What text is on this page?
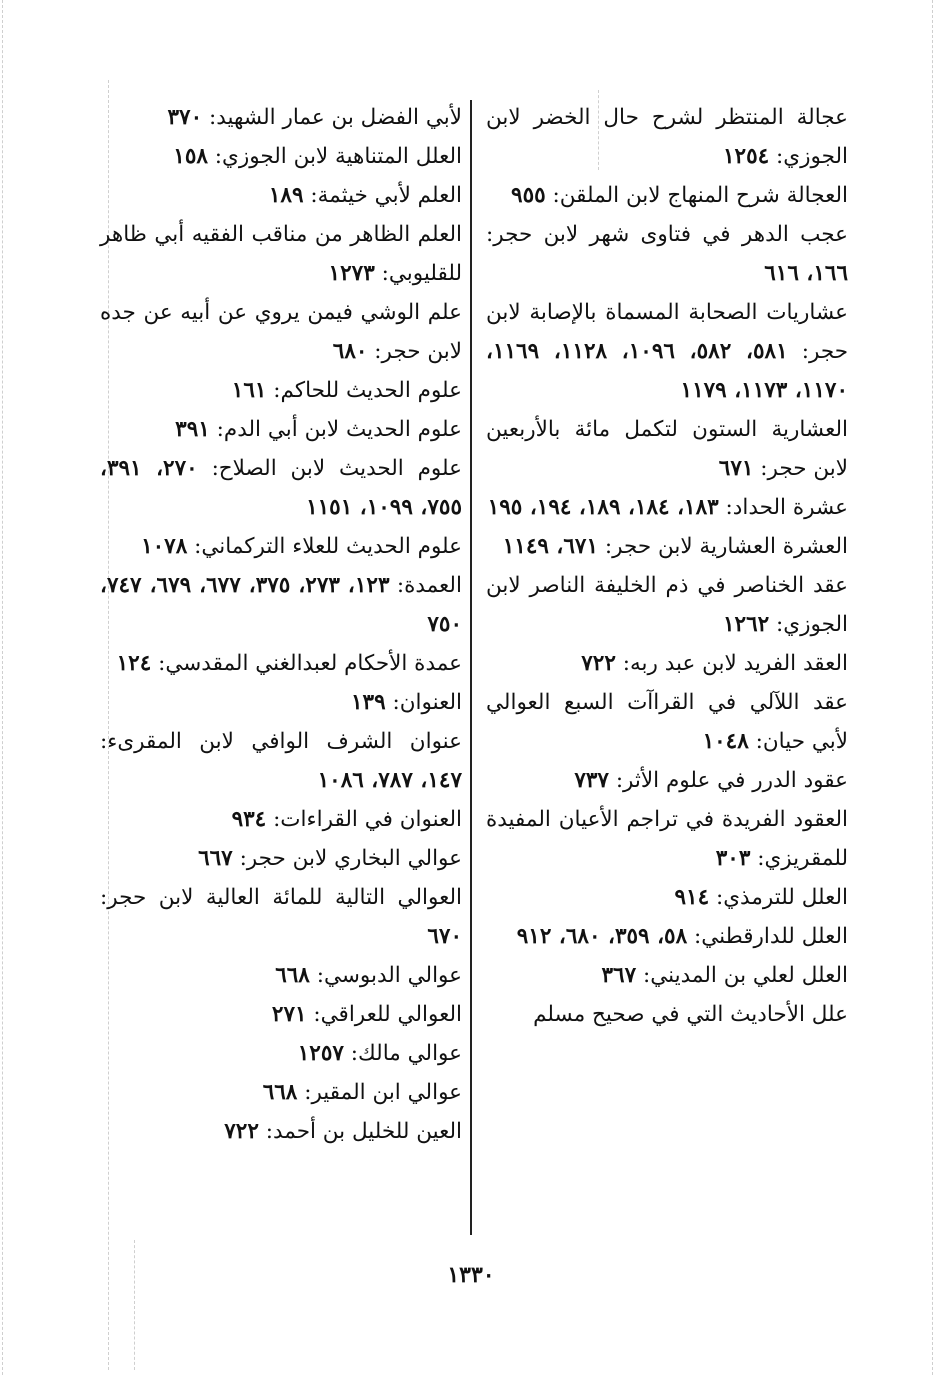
عجالة المنتظر لشرح حال الخضر لابن الجوزي: ١٢٥٤

العجالة شرح المنهاج لابن الملقن: ٩٥٥

عجب الدهر في فتاوى شهر لابن حجر: ١٦٦، ٦١٦

عشاريات الصحابة المسماة بالإصابة لابن حجر: ٥٨١، ٥٨٢، ١٠٩٦، ١١٢٨، ١١٦٩، ١١٧٠، ١١٧٣، ١١٧٩

العشارية الستون لتكمل مائة بالأربعين لابن حجر: ٦٧١

عشرة الحداد: ١٨٣، ١٨٤، ١٨٩، ١٩٤، ١٩٥

العشرة العشارية لابن حجر: ٦٧١، ١١٤٩

عقد الخناصر في ذم الخليفة الناصر لابن الجوزي: ١٢٦٢

العقد الفريد لابن عبد ربه: ٧٢٢

عقد اللآلي في القراآت السبع العوالي لأبي حيان: ١٠٤٨

عقود الدرر في علوم الأثر: ٧٣٧

العقود الفريدة في تراجم الأعيان المفيدة للمقريزي: ٣٠٣

العلل للترمذي: ٩١٤

العلل للدارقطني: ٥٨، ٣٥٩، ٦٨٠، ٩١٢

العلل لعلي بن المديني: ٣٦٧

علل الأحاديث التي في صحيح مسلم

لأبي الفضل بن عمار الشهيد: ٣٧٠

العلل المتناهية لابن الجوزي: ١٥٨

العلم لأبي خيثمة: ١٨٩

العلم الظاهر من مناقب الفقيه أبي ظاهر للقليوبي: ١٢٧٣

علم الوشي فيمن يروي عن أبيه عن جده لابن حجر: ٦٨٠

علوم الحديث للحاكم: ١٦١

علوم الحديث لابن أبي الدم: ٣٩١

علوم الحديث لابن الصلاح: ٢٧٠، ٣٩١، ٧٥٥، ١٠٩٩، ١١٥١

علوم الحديث للعلاء التركماني: ١٠٧٨

العمدة: ١٢٣، ٢٧٣، ٣٧٥، ٦٧٧، ٦٧٩، ٧٤٧، ٧٥٠

عمدة الأحكام لعبدالغني المقدسي: ١٢٤

العنوان: ١٣٩

عنوان الشرف الوافي لابن المقرىء: ١٤٧، ٧٨٧، ١٠٨٦

العنوان في القراءات: ٩٣٤

عوالي البخاري لابن حجر: ٦٦٧

العوالي التالية للمائة العالية لابن حجر: ٦٧٠

عوالي الدبوسي: ٦٦٨

العوالي للعراقي: ٢٧١

عوالي مالك: ١٢٥٧

عوالي ابن المقير: ٦٦٨

العين للخليل بن أحمد: ٧٢٢

١٣٣٠
